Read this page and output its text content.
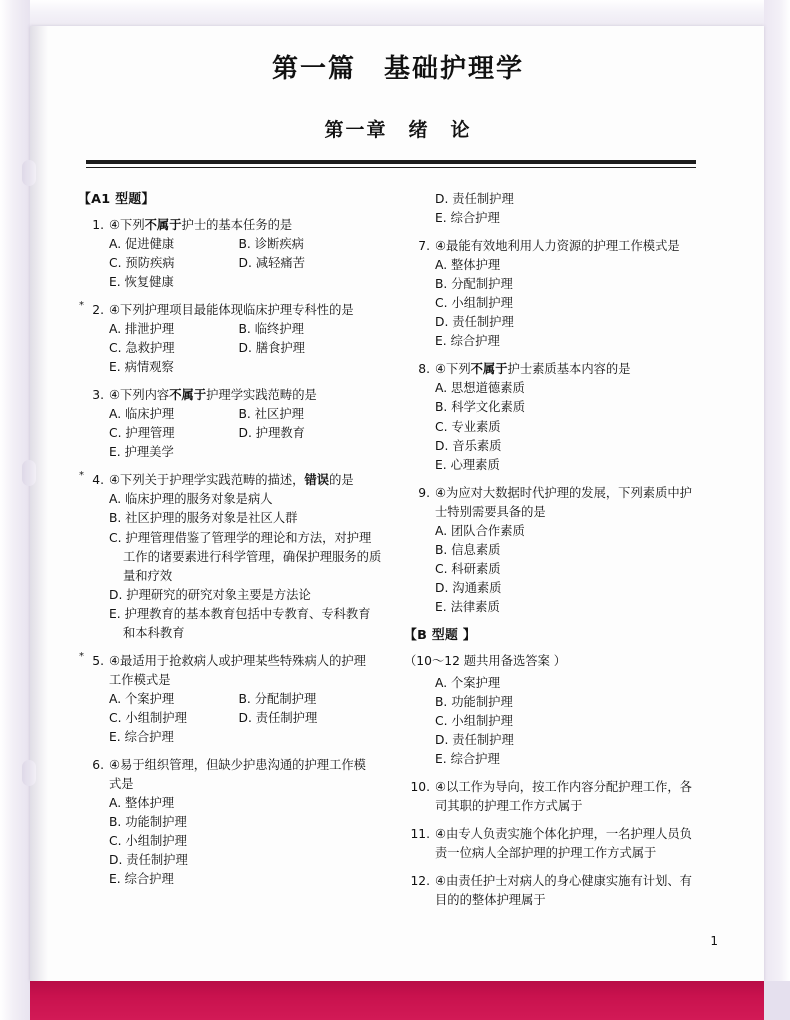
第一篇　基础护理学
第一章　绪　论
【A1 型题】
1. ④下列不属于护士的基本任务的是
A. 促进健康	B. 诊断疾病
C. 预防疾病	D. 减轻痛苦
E. 恢复健康
* 2. ④下列护理项目最能体现临床护理专科性的是
A. 排泄护理	B. 临终护理
C. 急救护理	D. 膳食护理
E. 病情观察
3. ④下列内容不属于护理学实践范畴的是
A. 临床护理	B. 社区护理
C. 护理管理	D. 护理教育
E. 护理美学
* 4. ④下列关于护理学实践范畴的描述，错误的是
A. 临床护理的服务对象是病人
B. 社区护理的服务对象是社区人群
C. 护理管理借鉴了管理学的理论和方法，对护理工作的诸要素进行科学管理，确保护理服务的质量和疗效
D. 护理研究的研究对象主要是方法论
E. 护理教育的基本教育包括中专教育、专科教育和本科教育
* 5. ④最适用于抢救病人或护理某些特殊病人的护理工作模式是
A. 个案护理	B. 分配制护理
C. 小组制护理	D. 责任制护理
E. 综合护理
6. ④易于组织管理，但缺少护患沟通的护理工作模式是
A. 整体护理
B. 功能制护理
C. 小组制护理
D. 责任制护理
E. 综合护理

D. 责任制护理
E. 综合护理
7. ④最能有效地利用人力资源的护理工作模式是
A. 整体护理
B. 分配制护理
C. 小组制护理
D. 责任制护理
E. 综合护理
8. ④下列不属于护士素质基本内容的是
A. 思想道德素质
B. 科学文化素质
C. 专业素质
D. 音乐素质
E. 心理素质
9. ④为应对大数据时代护理的发展，下列素质中护士特别需要具备的是
A. 团队合作素质
B. 信息素质
C. 科研素质
D. 沟通素质
E. 法律素质
【B 型题 】
（10～12 题共用备选答案 ）

A. 个案护理
B. 功能制护理
C. 小组制护理
D. 责任制护理
E. 综合护理
10. ④以工作为导向，按工作内容分配护理工作，各司其职的护理工作方式属于
11. ④由专人负责实施个体化护理，一名护理人员负责一位病人全部护理的护理工作方式属于
12. ④由责任护士对病人的身心健康实施有计划、有目的的整体护理属于
1
